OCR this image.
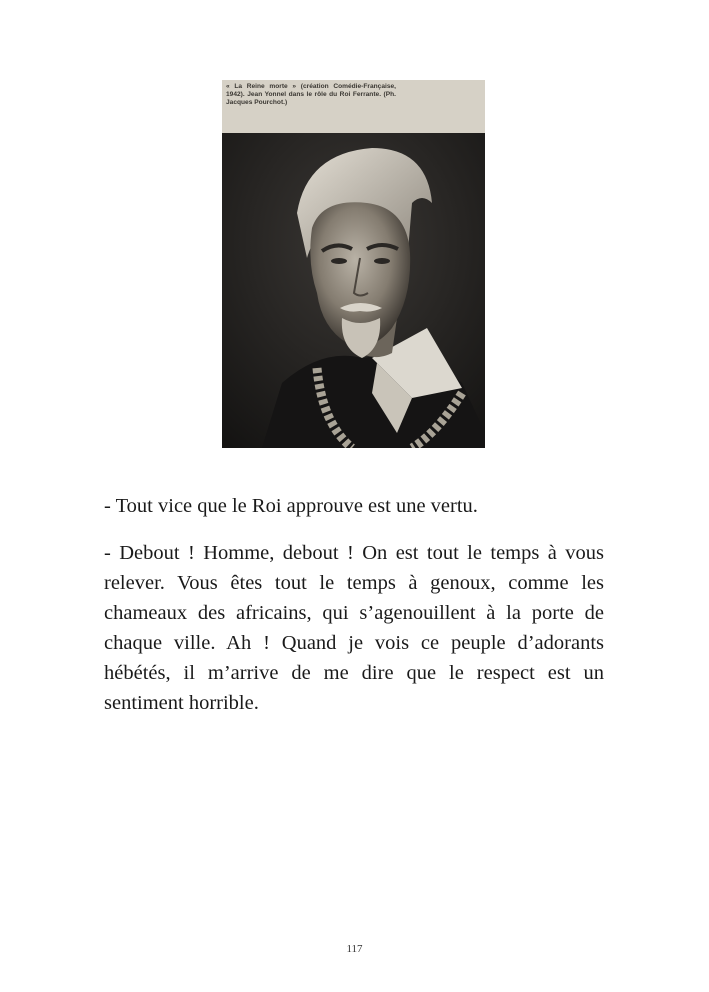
« La Reine morte » (création Comédie-Française, 1942). Jean Yonnel dans le rôle du Roi Ferrante. (Ph. Jacques Pourchot.)

- Tout vice que le Roi approuve est une vertu.

- Debout ! Homme, debout ! On est tout le temps à vous relever. Vous êtes tout le temps à genoux, comme les chameaux des africains, qui s’agenouillent à la porte de chaque ville. Ah ! Quand je vois ce peuple d’adorants hébétés, il m’arrive de me dire que le respect est un sentiment horrible.

117
